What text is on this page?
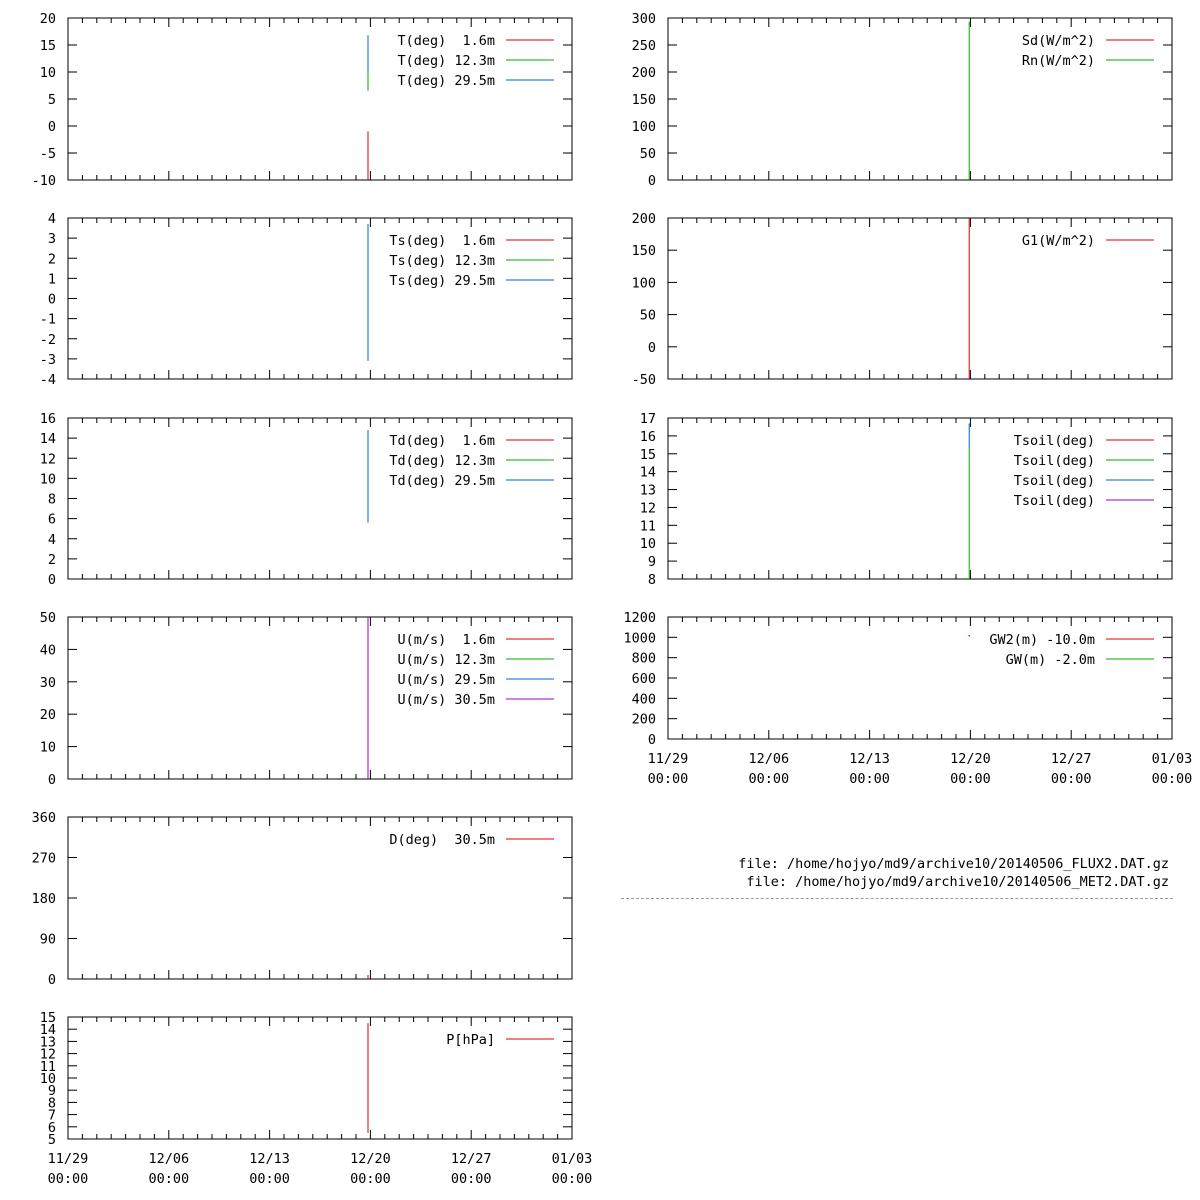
-10
-5
0
5
10
15
20
T(deg)  1.6m
T(deg) 12.3m
T(deg) 29.5m
-4
-3
-2
-1
0
1
2
3
4
Ts(deg)  1.6m
Ts(deg) 12.3m
Ts(deg) 29.5m
0
2
4
6
8
10
12
14
16
Td(deg)  1.6m
Td(deg) 12.3m
Td(deg) 29.5m
0
10
20
30
40
50
U(m/s)  1.6m
U(m/s) 12.3m
U(m/s) 29.5m
U(m/s) 30.5m
0
90
180
270
360
D(deg)  30.5m
5
6
7
8
9
10
11
12
13
14
15
P[hPa]
11/29
00:00
12/06
00:00
12/13
00:00
12/20
00:00
12/27
00:00
01/03
00:00
0
50
100
150
200
250
300
Sd(W/m^2)
Rn(W/m^2)
-50
0
50
100
150
200
G1(W/m^2)
8
9
10
11
12
13
14
15
16
17
Tsoil(deg)
Tsoil(deg)
Tsoil(deg)
Tsoil(deg)
0
200
400
600
800
1000
1200
GW2(m) -10.0m
GW(m) -2.0m
11/29
00:00
12/06
00:00
12/13
00:00
12/20
00:00
12/27
00:00
01/03
00:00
file: /home/hojyo/md9/archive10/20140506_FLUX2.DAT.gz
file: /home/hojyo/md9/archive10/20140506_MET2.DAT.gz
